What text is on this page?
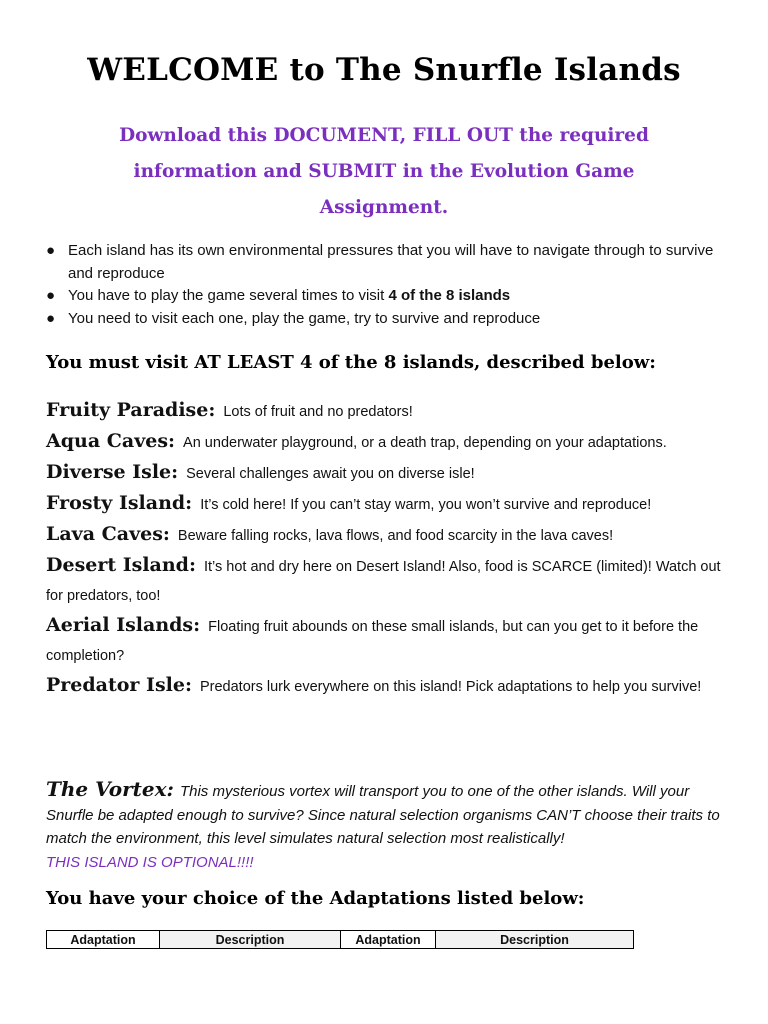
WELCOME to The Snurfle Islands
Download this DOCUMENT, FILL OUT the required
information and SUBMIT in the Evolution Game
Assignment.
● Each island has its own environmental pressures that you will have to navigate through to survive and reproduce
● You have to play the game several times to visit 4 of the 8 islands
● You need to visit each one, play the game, try to survive and reproduce
You must visit AT LEAST 4 of the 8 islands, described below:
Fruity Paradise: Lots of fruit and no predators!
Aqua Caves: An underwater playground, or a death trap, depending on your adaptations.
Diverse Isle: Several challenges await you on diverse isle!
Frosty Island: It’s cold here! If you can’t stay warm, you won’t survive and reproduce!
Lava Caves: Beware falling rocks, lava flows, and food scarcity in the lava caves!
Desert Island: It’s hot and dry here on Desert Island! Also, food is SCARCE (limited)! Watch out for predators, too!
Aerial Islands: Floating fruit abounds on these small islands, but can you get to it before the completion?
Predator Isle: Predators lurk everywhere on this island! Pick adaptations to help you survive!
The Vortex: This mysterious vortex will transport you to one of the other islands. Will your Snurfle be adapted enough to survive? Since natural selection organisms CAN’T choose their traits to match the environment, this level simulates natural selection most realistically!
THIS ISLAND IS OPTIONAL!!!!
You have your choice of the Adaptations listed below:
Adaptation	Description	Adaptation	Description
